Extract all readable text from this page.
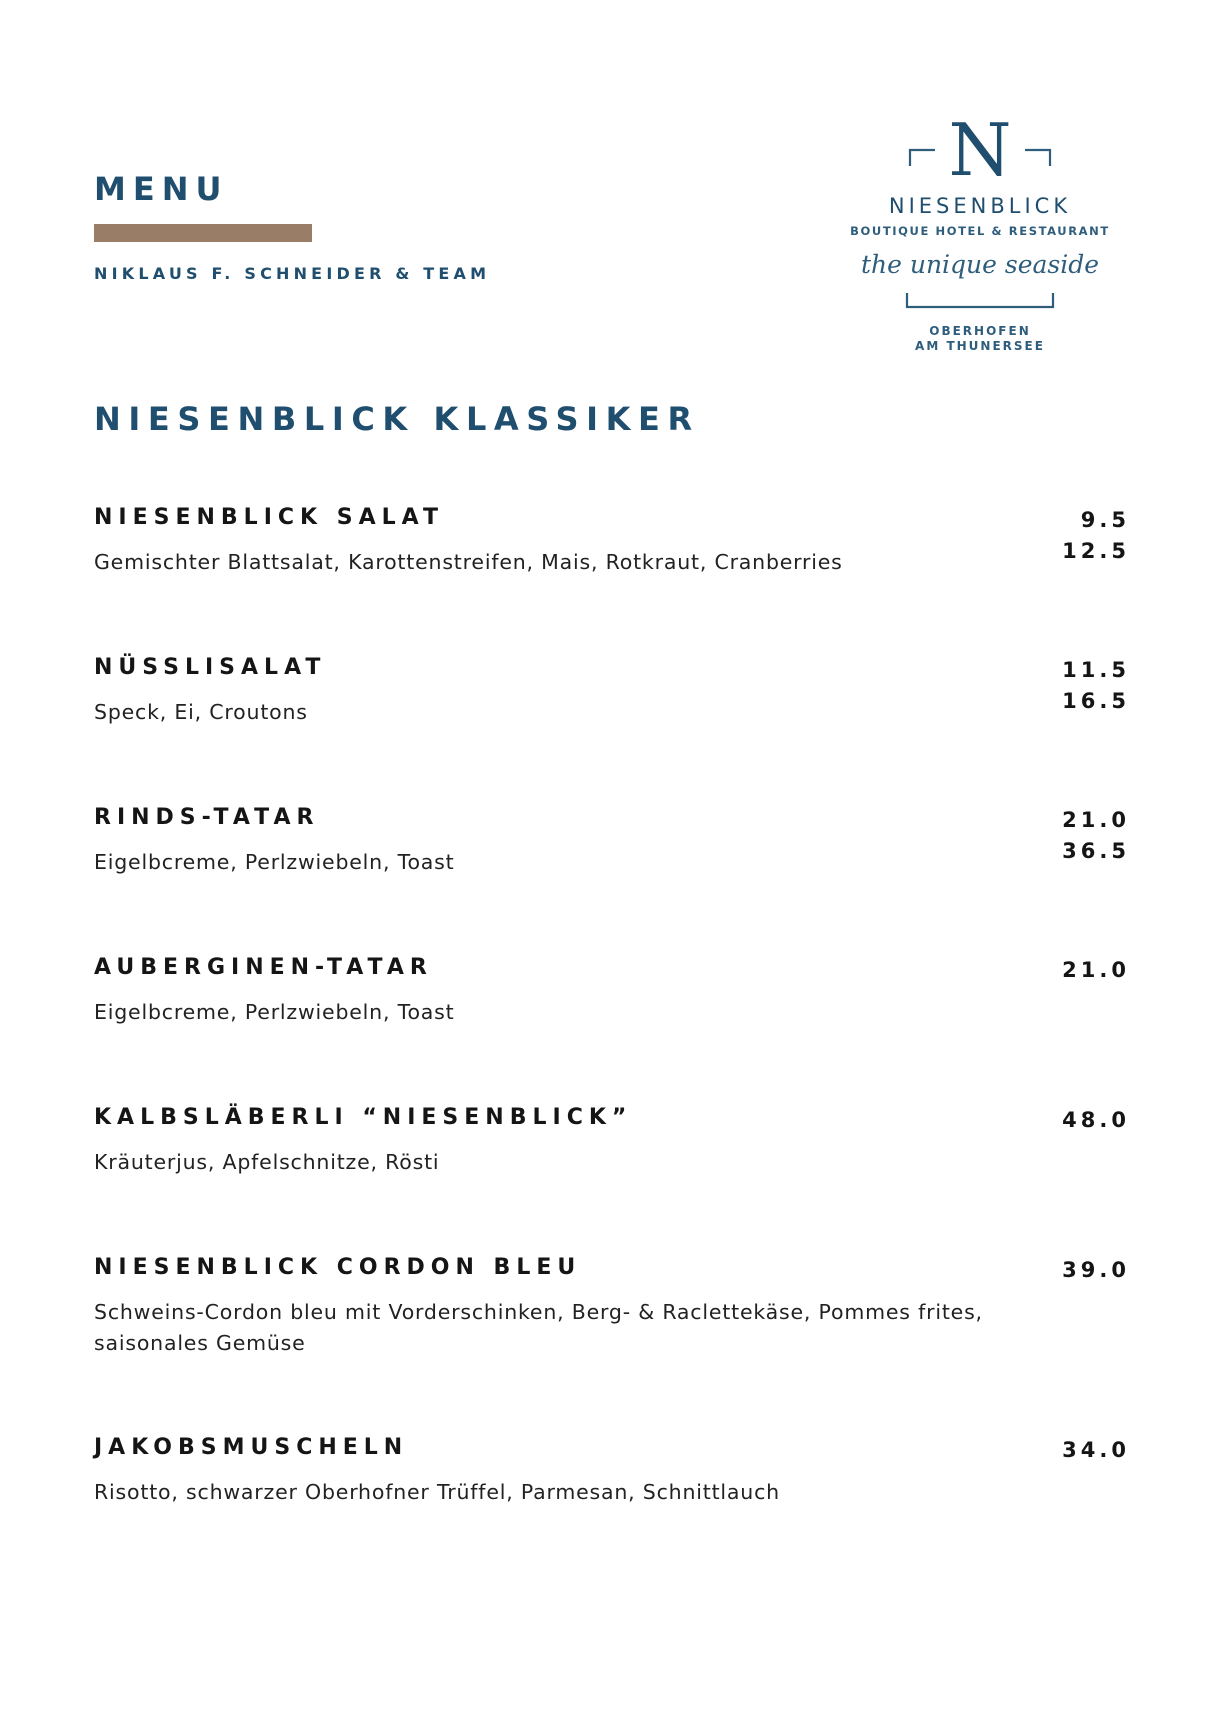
MENU
NIKLAUS F. SCHNEIDER & TEAM
N
NIESENBLICK
BOUTIQUE HOTEL & RESTAURANT
the unique seaside
OBERHOFEN
AM THUNERSEE
NIESENBLICK KLASSIKER
NIESENBLICK SALAT
Gemischter Blattsalat, Karottenstreifen, Mais, Rotkraut, Cranberries
9.5
12.5
NÜSSLISALAT
Speck, Ei, Croutons
11.5
16.5
RINDS-TATAR
Eigelbcreme, Perlzwiebeln, Toast
21.0
36.5
AUBERGINEN-TATAR
Eigelbcreme, Perlzwiebeln, Toast
21.0
KALBSLÄBERLI “NIESENBLICK”
Kräuterjus, Apfelschnitze, Rösti
48.0
NIESENBLICK CORDON BLEU
Schweins-Cordon bleu mit Vorderschinken, Berg- & Raclettekäse, Pommes frites, saisonales Gemüse
39.0
JAKOBSMUSCHELN
Risotto, schwarzer Oberhofner Trüffel, Parmesan, Schnittlauch
34.0
